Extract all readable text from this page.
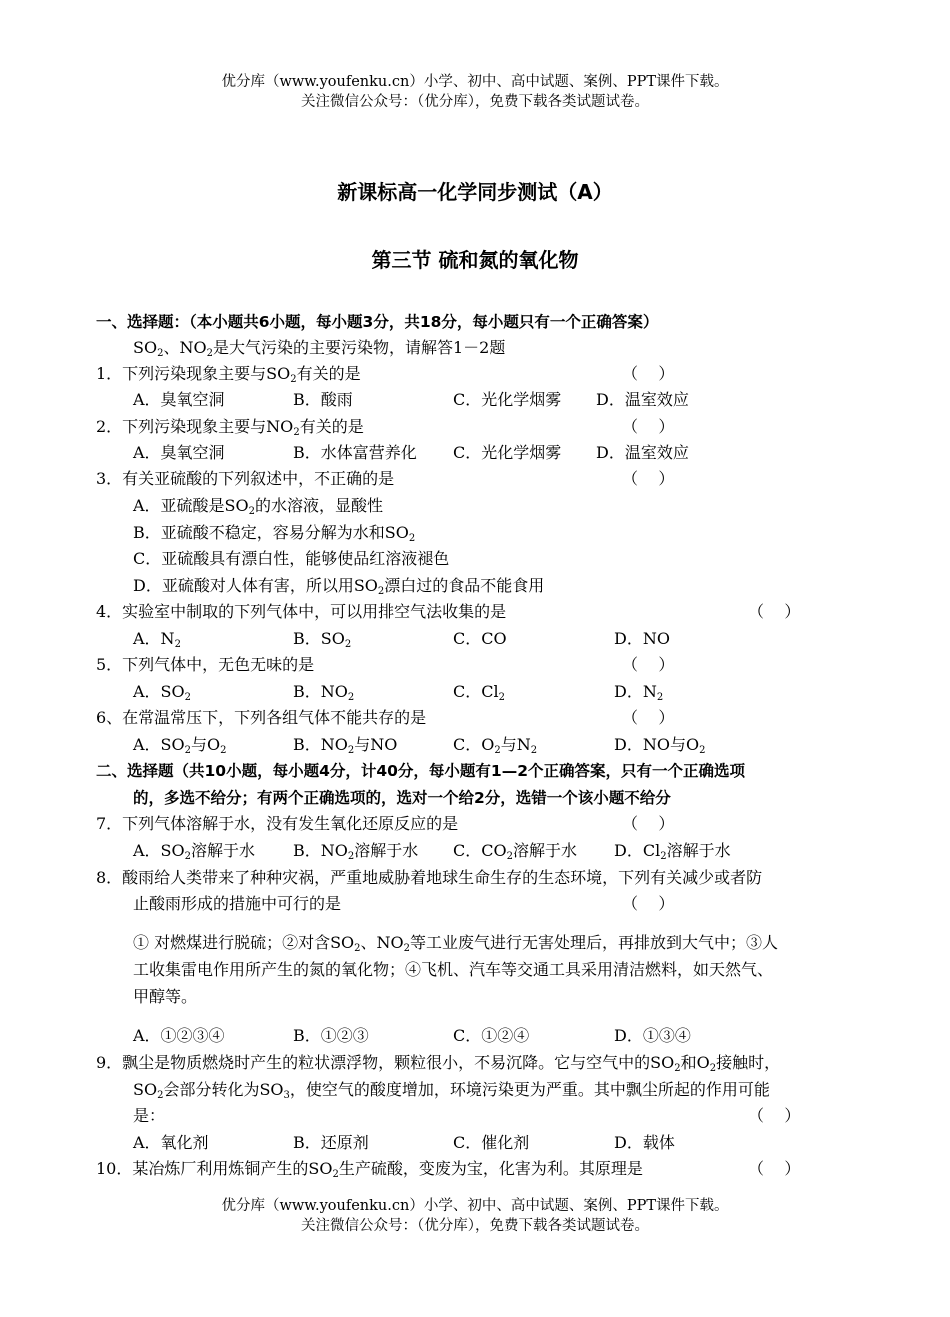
优分库（www.youfenku.cn）小学、初中、高中试题、案例、PPT课件下载。
关注微信公众号：（优分库），免费下载各类试题试卷。
新课标高一化学同步测试（A）
第三节 硫和氮的氧化物
一、选择题：（本小题共6小题，每小题3分，共18分，每小题只有一个正确答案）
$SO_2$、$NO_2$是大气污染的主要污染物，请解答1－2题
1．下列污染现象主要与$SO_2$有关的是	（    ）
A．臭氧空洞	B．酸雨	C．光化学烟雾 D．温室效应
2．下列污染现象主要与$NO_2$有关的是	（    ）
A．臭氧空洞	B．水体富营养化 C．光化学烟雾 D．温室效应
3．有关亚硫酸的下列叙述中，不正确的是	（    ）
A．亚硫酸是$SO_2$的水溶液，显酸性
B．亚硫酸不稳定，容易分解为水和$SO_2$
C．亚硫酸具有漂白性，能够使品红溶液褪色
D．亚硫酸对人体有害，所以用$SO_2$漂白过的食品不能食用
4．实验室中制取的下列气体中，可以用排空气法收集的是	（    ）
A．$N_2$	B．$SO_2$	C．CO	D．NO
5．下列气体中，无色无味的是	（    ）
A．$SO_2$	B．$NO_2$	C．$Cl_2$	D．$N_2$
6、在常温常压下，下列各组气体不能共存的是	（    ）
A．$SO_2$与$O_2$	B．$NO_2$与NO	C．$O_2$与$N_2$	D．NO与$O_2$
二、选择题（共10小题，每小题4分，计40分，每小题有1—2个正确答案，只有一个正确选项
的，多选不给分；有两个正确选项的，选对一个给2分，选错一个该小题不给分
7．下列气体溶解于水，没有发生氧化还原反应的是	（    ）
A．$SO_2$溶解于水 B．$NO_2$溶解于水 C．$CO_2$溶解于水 D．$Cl_2$溶解于水
8．酸雨给人类带来了种种灾祸，严重地威胁着地球生命生存的生态环境，下列有关减少或者防
止酸雨形成的措施中可行的是	（    ）
① 对燃煤进行脱硫；②对含$SO_2$、$NO_2$等工业废气进行无害处理后，再排放到大气中；③人
工收集雷电作用所产生的氮的氧化物；④飞机、汽车等交通工具采用清洁燃料，如天然气、
甲醇等。
A．①②③④	B．①②③	C．①②④	D．①③④
9．飘尘是物质燃烧时产生的粒状漂浮物，颗粒很小，不易沉降。它与空气中的$SO_2$和$O_2$接触时，
$SO_2$会部分转化为$SO_3$，使空气的酸度增加，环境污染更为严重。其中飘尘所起的作用可能
是：	（    ）
A．氧化剂	B．还原剂	C．催化剂	D．载体
10．某冶炼厂利用炼铜产生的$SO_2$生产硫酸，变废为宝，化害为利。其原理是	（    ）
优分库（www.youfenku.cn）小学、初中、高中试题、案例、PPT课件下载。
关注微信公众号：（优分库），免费下载各类试题试卷。
